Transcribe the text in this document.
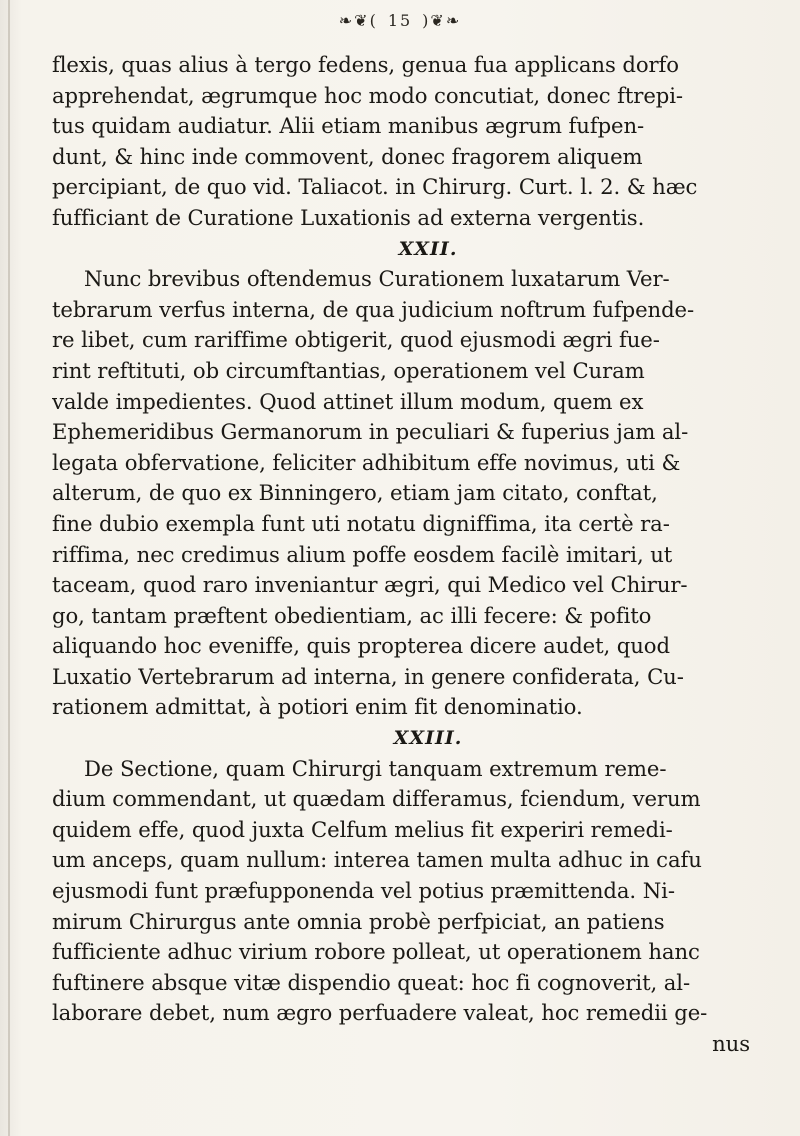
❧❦( 15 )❦❧
flexis, quas alius à tergo fedens, genua fua applicans dorfo
apprehendat, ægrumque hoc modo concutiat, donec ftrepi-
tus quidam audiatur. Alii etiam manibus ægrum fufpen-
dunt, & hinc inde commovent, donec fragorem aliquem
percipiant, de quo vid. Taliacot. in Chirurg. Curt. l. 2. & hæc
fufficiant de Curatione Luxationis ad externa vergentis.
XXII.
Nunc brevibus oftendemus Curationem luxatarum Ver-
tebrarum verfus interna, de qua judicium noftrum fufpende-
re libet, cum rariffime obtigerit, quod ejusmodi ægri fue-
rint reftituti, ob circumftantias, operationem vel Curam
valde impedientes. Quod attinet illum modum, quem ex
Ephemeridibus Germanorum in peculiari & fuperius jam al-
legata obfervatione, feliciter adhibitum effe novimus, uti &
alterum, de quo ex Binningero, etiam jam citato, conftat,
fine dubio exempla funt uti notatu digniffima, ita certè ra-
riffima, nec credimus alium poffe eosdem facilè imitari, ut
taceam, quod raro inveniantur ægri, qui Medico vel Chirur-
go, tantam præftent obedientiam, ac illi fecere: & pofito
aliquando hoc eveniffe, quis propterea dicere audet, quod
Luxatio Vertebrarum ad interna, in genere confiderata, Cu-
rationem admittat, à potiori enim fit denominatio.
XXIII.
De Sectione, quam Chirurgi tanquam extremum reme-
dium commendant, ut quædam differamus, fciendum, verum
quidem effe, quod juxta Celfum melius fit experiri remedi-
um anceps, quam nullum: interea tamen multa adhuc in cafu
ejusmodi funt præfupponenda vel potius præmittenda. Ni-
mirum Chirurgus ante omnia probè perfpiciat, an patiens
fufficiente adhuc virium robore polleat, ut operationem hanc
fuftinere absque vitæ dispendio queat: hoc fi cognoverit, al-
laborare debet, num ægro perfuadere valeat, hoc remedii ge-
nus
